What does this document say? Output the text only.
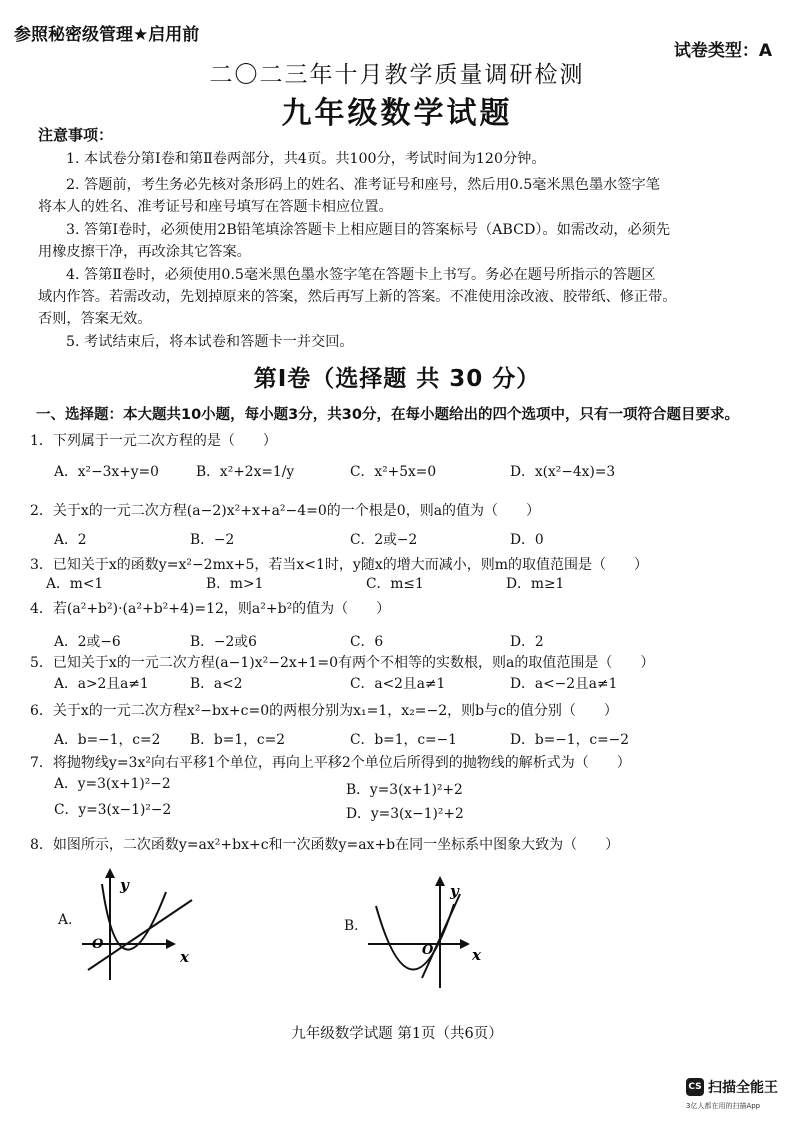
参照秘密级管理★启用前
试卷类型：A
二〇二三年十月教学质量调研检测
九年级数学试题
注意事项：
1. 本试卷分第Ⅰ卷和第Ⅱ卷两部分，共4页。共100分，考试时间为120分钟。
2. 答题前，考生务必先核对条形码上的姓名、准考证号和座号，然后用0.5毫米黑色墨水签字笔
将本人的姓名、准考证号和座号填写在答题卡相应位置。
3. 答第Ⅰ卷时，必须使用2B铅笔填涂答题卡上相应题目的答案标号（ABCD）。如需改动，必须先
用橡皮擦干净，再改涂其它答案。
4. 答第Ⅱ卷时，必须使用0.5毫米黑色墨水签字笔在答题卡上书写。务必在题号所指示的答题区
域内作答。若需改动，先划掉原来的答案，然后再写上新的答案。不准使用涂改液、胶带纸、修正带。
否则，答案无效。
5. 考试结束后，将本试卷和答题卡一并交回。
第Ⅰ卷（选择题 共 30 分）
一、选择题：本大题共10小题，每小题3分，共30分，在每小题给出的四个选项中，只有一项符合题目要求。
1．下列属于一元二次方程的是（　　）
A．x²−3x+y=0	B．x²+2x=1/y	C．x²+5x=0	D．x(x²−4x)=3
2．关于x的一元二次方程(a−2)x²+x+a²−4=0的一个根是0，则a的值为（　　）
A．2	B．−2	C．2或−2	D．0
3．已知关于x的函数y=x²−2mx+5，若当x<1时，y随x的增大而减小，则m的取值范围是（　　）
A．m<1	B．m>1	C．m≤1	D．m≥1
4．若(a²+b²)·(a²+b²+4)=12，则a²+b²的值为（　　）
A．2或−6	B．−2或6	C．6	D．2
5．已知关于x的一元二次方程(a−1)x²−2x+1=0有两个不相等的实数根，则a的取值范围是（　　）
A．a>2且a≠1	B．a<2	C．a<2且a≠1	D．a<−2且a≠1
6．关于x的一元二次方程x²−bx+c=0的两根分别为x₁=1，x₂=−2，则b与c的值分别（　　）
A．b=−1，c=2 B．b=1，c=2	C．b=1，c=−1	D．b=−1，c=−2
7．将抛物线y=3x²向右平移1个单位，再向上平移2个单位后所得到的抛物线的解析式为（　　）
A．y=3(x+1)²−2	B．y=3(x+1)²+2
C．y=3(x−1)²−2	D．y=3(x−1)²+2
8．如图所示，二次函数y=ax²+bx+c和一次函数y=ax+b在同一坐标系中图象大致为（　　）
A.	B.
y
x
O
y
x
O
九年级数学试题 第1页（共6页）
CS 扫描全能王
3亿人都在用的扫描App
